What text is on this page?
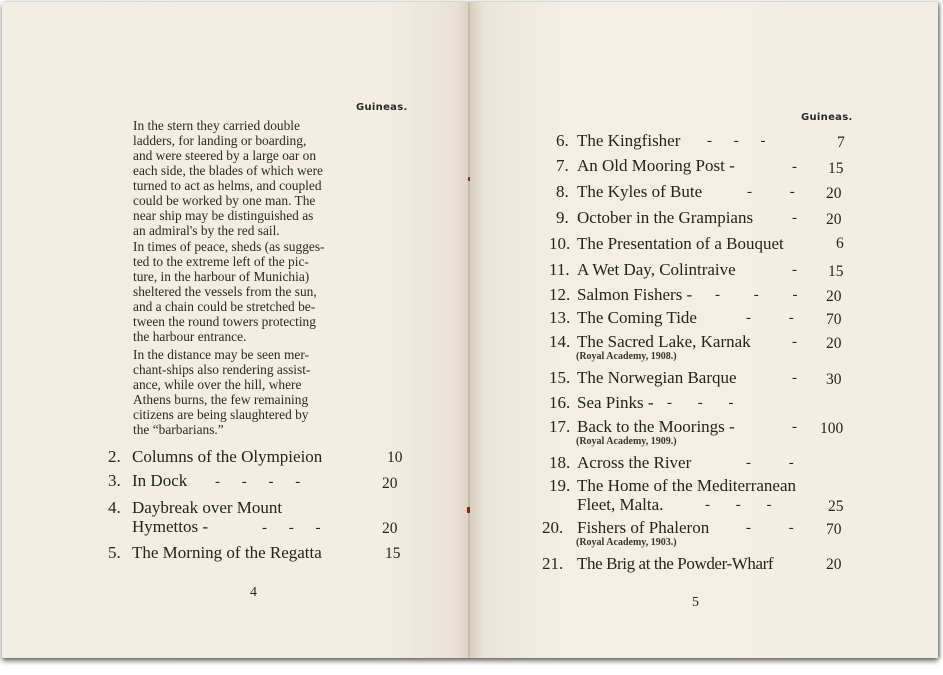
Guineas.
In the stern they carried double
ladders, for landing or boarding,
and were steered by a large oar on
each side, the blades of which were
turned to act as helms, and coupled
could be worked by one man. The
near ship may be distinguished as
an admiral's by the red sail.
In times of peace, sheds (as sugges-
ted to the extreme left of the pic-
ture, in the harbour of Munichia)
sheltered the vessels from the sun,
and a chain could be stretched be-
tween the round towers protecting
the harbour entrance.
In the distance may be seen mer-
chant-ships also rendering assist-
ance, while over the hill, where
Athens burns, the few remaining
citizens are being slaughtered by
the “barbarians.”
2. Columns of the Olympieion	10
3. In Dock - - - -	20
4. Daybreak over Mount
Hymettos -	- - -	20
5. The Morning of the Regatta	15
4
Guineas.
6. The Kingfisher - - -	7
7. An Old Mooring Post -	- 15
8. The Kyles of Bute	- - 20
9. October in the Grampians	- 20
10. The Presentation of a Bouquet	6
11. A Wet Day, Colintraive	- 15
12. Salmon Fishers - - - - 20
13. The Coming Tide	- - 70
14. The Sacred Lake, Karnak	- 20
(Royal Academy, 1908.)
15. The Norwegian Barque	- 30
16. Sea Pinks - - - -
17. Back to the Moorings -	- 100
(Royal Academy, 1909.)
18. Across the River	- -
19. The Home of the Mediterranean
Fleet, Malta.	- - -	25
20. Fishers of Phaleron - - 70
(Royal Academy, 1903.)
21. The Brig at the Powder-Wharf	20
5
